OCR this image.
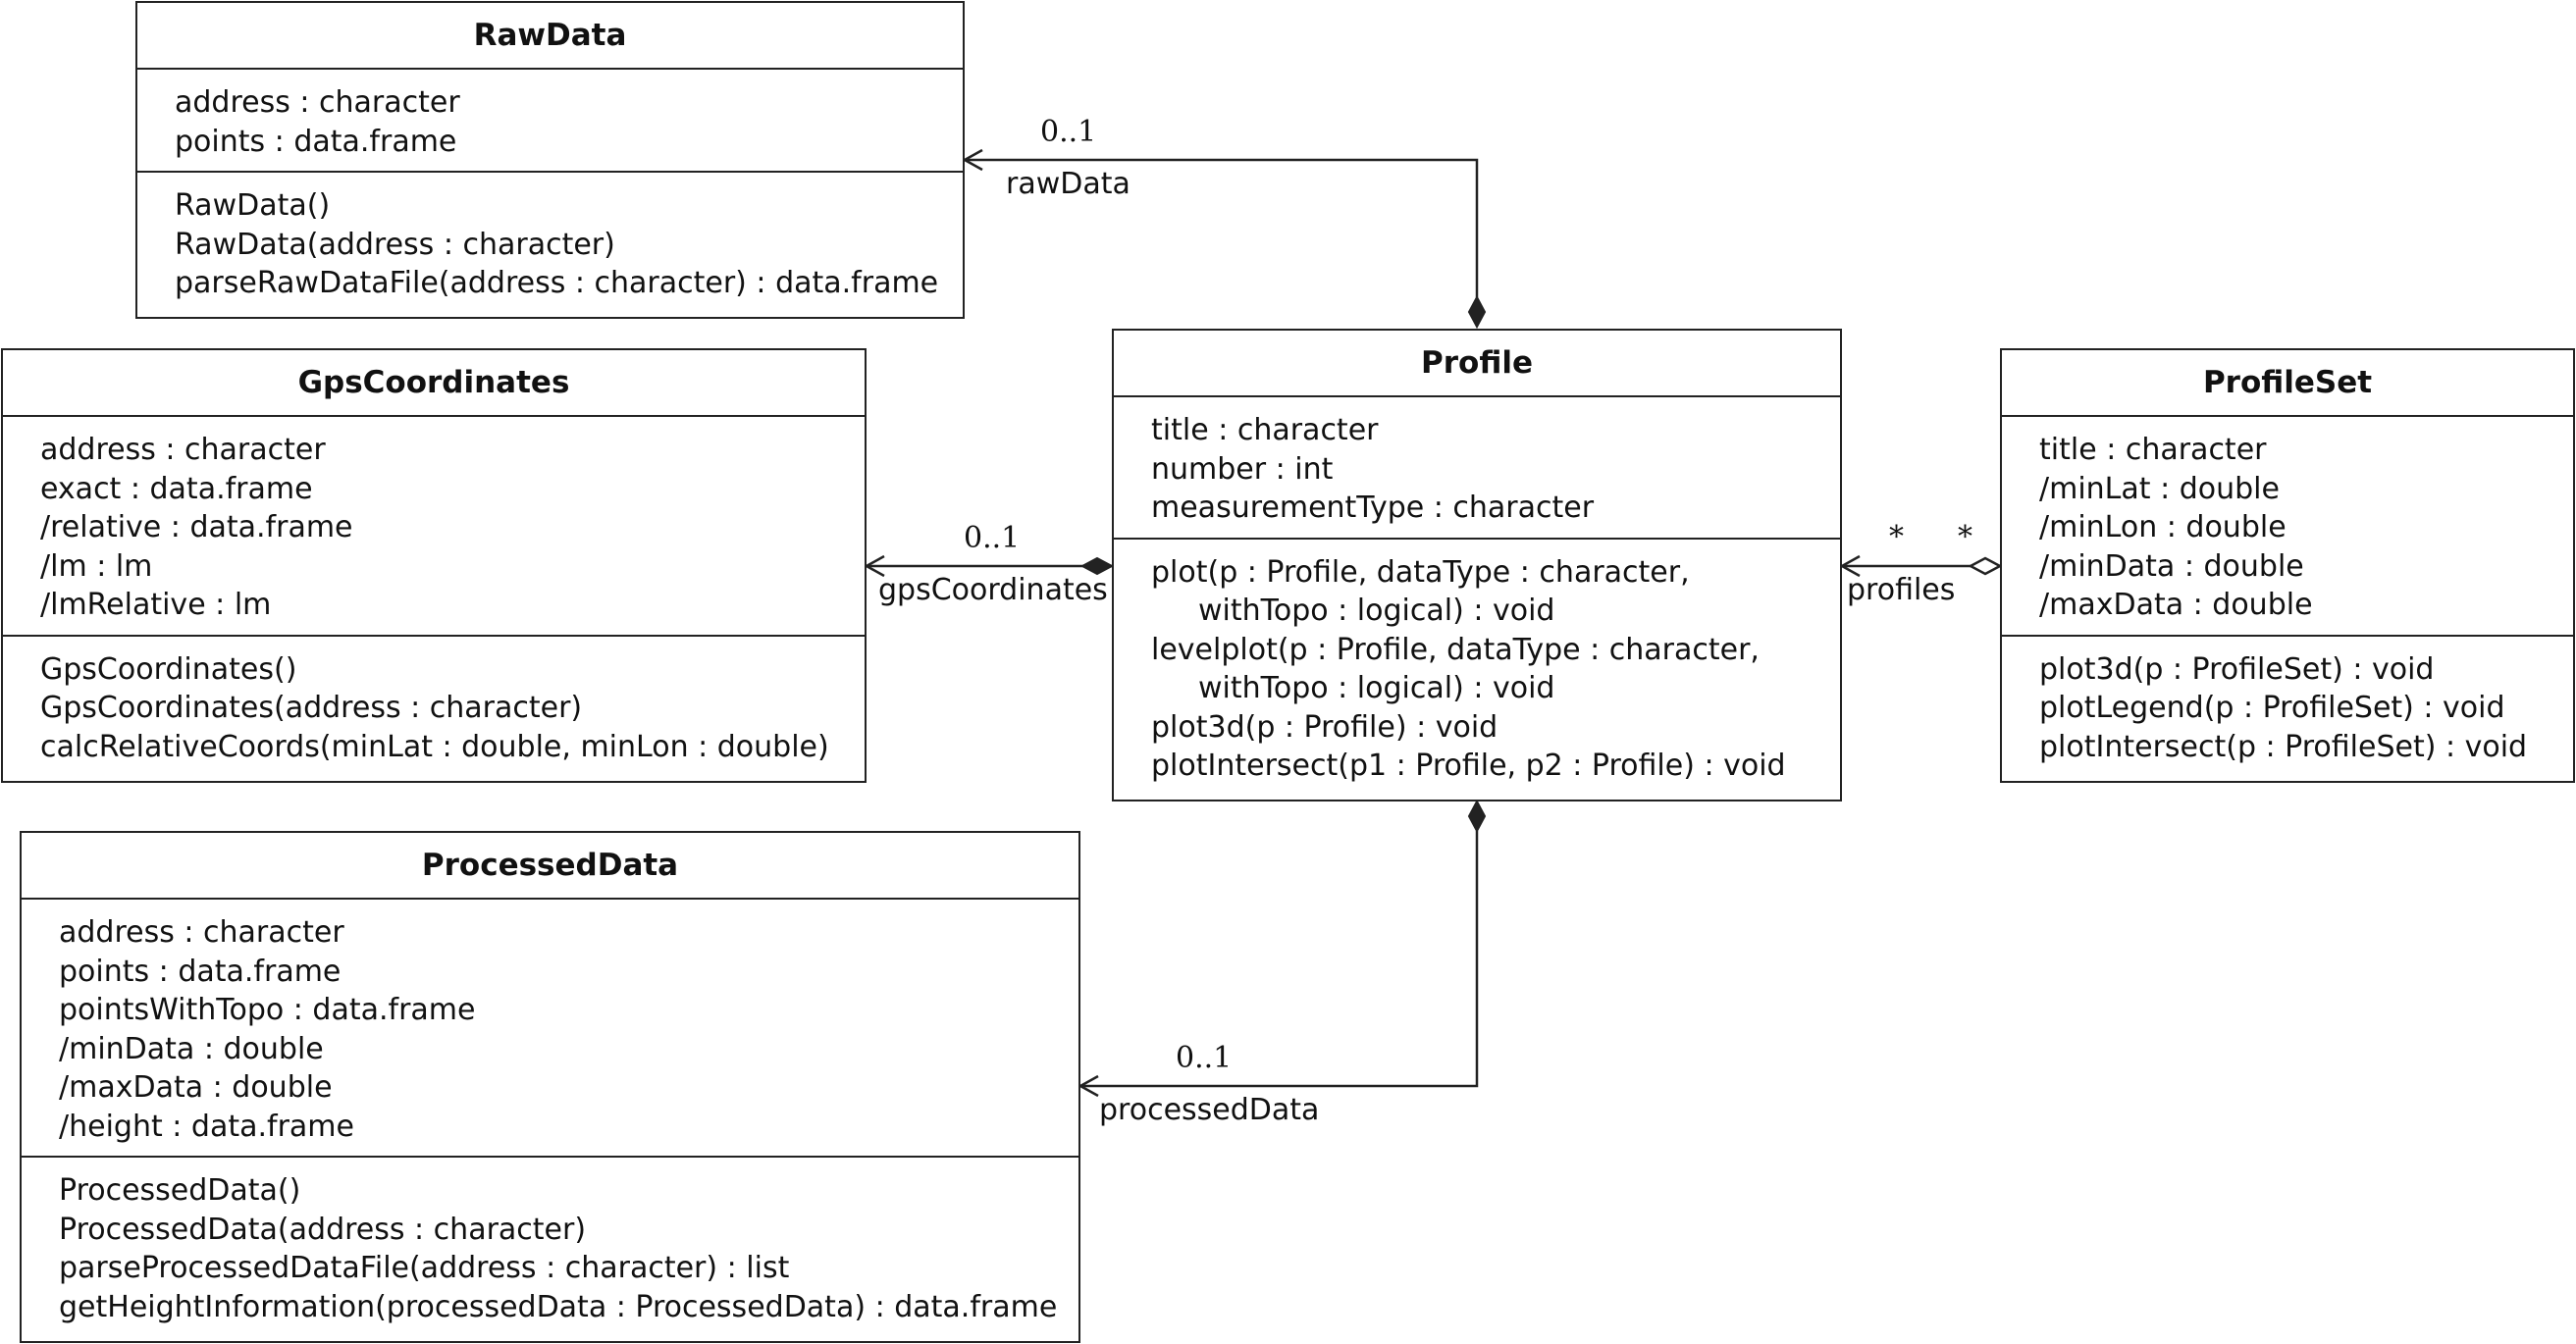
RawData
address : character
points : data.frame
RawData()
RawData(address : character)
parseRawDataFile(address : character) : data.frame
GpsCoordinates
address : character
exact : data.frame
/relative : data.frame
/lm : lm
/lmRelative : lm
GpsCoordinates()
GpsCoordinates(address : character)
calcRelativeCoords(minLat : double, minLon : double)
Profile
title : character
number : int
measurementType : character
plot(p : Profile, dataType : character,
withTopo : logical) : void
levelplot(p : Profile, dataType : character,
withTopo : logical) : void
plot3d(p : Profile) : void
plotIntersect(p1 : Profile, p2 : Profile) : void
ProfileSet
title : character
/minLat : double
/minLon : double
/minData : double
/maxData : double
plot3d(p : ProfileSet) : void
plotLegend(p : ProfileSet) : void
plotIntersect(p : ProfileSet) : void
ProcessedData
address : character
points : data.frame
pointsWithTopo : data.frame
/minData : double
/maxData : double
/height : data.frame
ProcessedData()
ProcessedData(address : character)
parseProcessedDataFile(address : character) : list
getHeightInformation(processedData : ProcessedData) : data.frame
0..1
rawData
0..1
gpsCoordinates
0..1
processedData
* *
profiles
